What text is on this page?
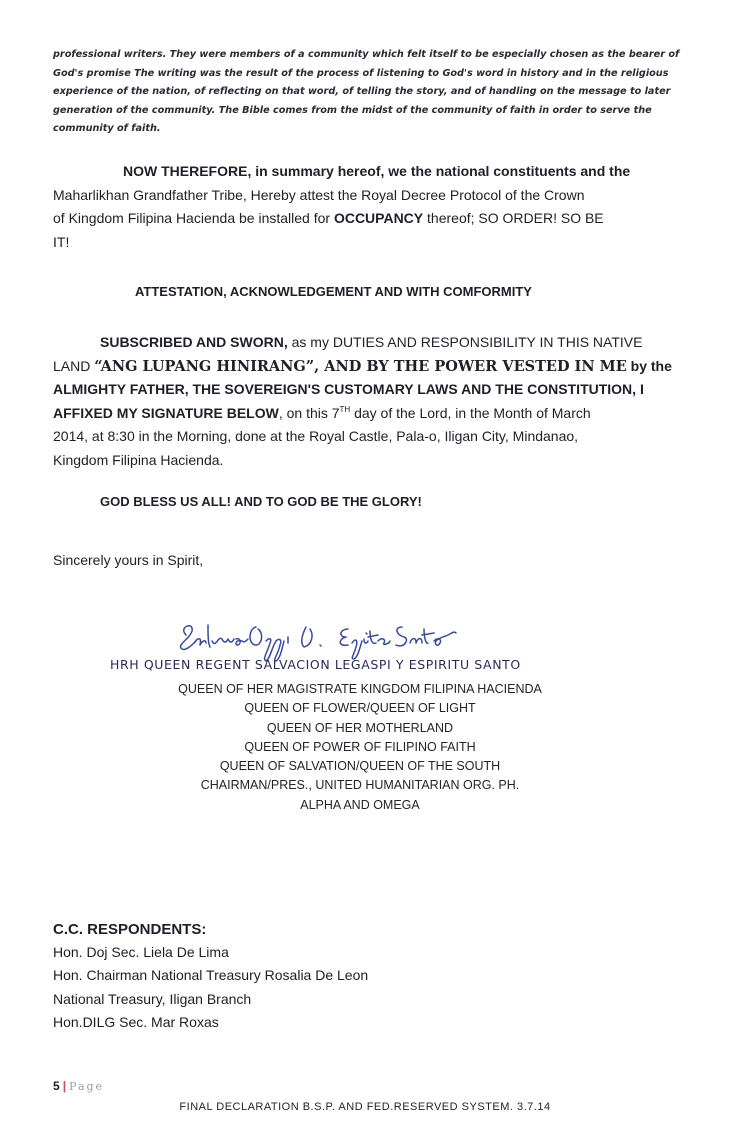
professional writers. They were members of a community which felt itself to be especially chosen as the bearer of

God's promise The writing was the result of the process of listening to God's word in history and in the religious

experience of the nation, of reflecting on that word, of telling the story, and of handling on the message to later

generation of the community. The Bible comes from the midst of the community of faith in order to serve the

community of faith.

NOW THEREFORE, in summary hereof, we the national constituents and the

Maharlikhan Grandfather Tribe, Hereby attest the Royal Decree Protocol of the Crown

of Kingdom Filipina Hacienda be installed for OCCUPANCY thereof; SO ORDER! SO BE

IT!

ATTESTATION, ACKNOWLEDGEMENT AND WITH COMFORMITY

SUBSCRIBED AND SWORN, as my DUTIES AND RESPONSIBILITY IN THIS NATIVE

LAND “ANG LUPANG HINIRANG”, AND BY THE POWER VESTED IN ME by the

ALMIGHTY FATHER, THE SOVEREIGN'S CUSTOMARY LAWS AND THE CONSTITUTION, I

AFFIXED MY SIGNATURE BELOW, on this 7TH day of the Lord, in the Month of March

2014, at 8:30 in the Morning, done at the Royal Castle, Pala-o, Iligan City, Mindanao,

Kingdom Filipina Hacienda.

GOD BLESS US ALL! AND TO GOD BE THE GLORY!
Sincerely yours in Spirit,
HRH QUEEN REGENT SALVACION LEGASPI Y ESPIRITU SANTO

QUEEN OF HER MAGISTRATE KINGDOM FILIPINA HACIENDA

QUEEN OF FLOWER/QUEEN OF LIGHT

QUEEN OF HER MOTHERLAND

QUEEN OF POWER OF FILIPINO FAITH

QUEEN OF SALVATION/QUEEN OF THE SOUTH

CHAIRMAN/PRES., UNITED HUMANITARIAN ORG. PH.

ALPHA AND OMEGA

C.C. RESPONDENTS:

Hon. Doj Sec. Liela De Lima

Hon. Chairman National Treasury Rosalia De Leon

National Treasury, Iligan Branch

Hon.DILG Sec. Mar Roxas

5 | Page
FINAL DECLARATION B.S.P. AND FED.RESERVED SYSTEM. 3.7.14
